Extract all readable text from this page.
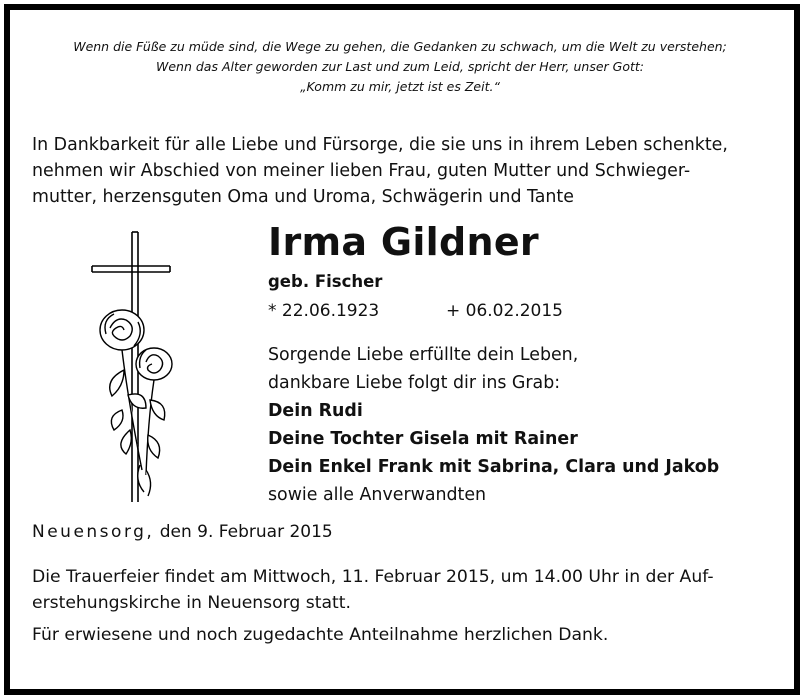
Wenn die Füße zu müde sind, die Wege zu gehen, die Gedanken zu schwach, um die Welt zu verstehen;
Wenn das Alter geworden zur Last und zum Leid, spricht der Herr, unser Gott:
„Komm zu mir, jetzt ist es Zeit.“
In Dankbarkeit für alle Liebe und Fürsorge, die sie uns in ihrem Leben schenkte,
nehmen wir Abschied von meiner lieben Frau, guten Mutter und Schwieger-
mutter, herzensguten Oma und Uroma, Schwägerin und Tante
Irma Gildner
geb. Fischer
* 22.06.1923	+ 06.02.2015
Sorgende Liebe erfüllte dein Leben,
dankbare Liebe folgt dir ins Grab:
Dein Rudi
Deine Tochter Gisela mit Rainer
Dein Enkel Frank mit Sabrina, Clara und Jakob
sowie alle Anverwandten
Neuensorg, den 9. Februar 2015
Die Trauerfeier findet am Mittwoch, 11. Februar 2015, um 14.00 Uhr in der Auf-
erstehungskirche in Neuensorg statt.
Für erwiesene und noch zugedachte Anteilnahme herzlichen Dank.
